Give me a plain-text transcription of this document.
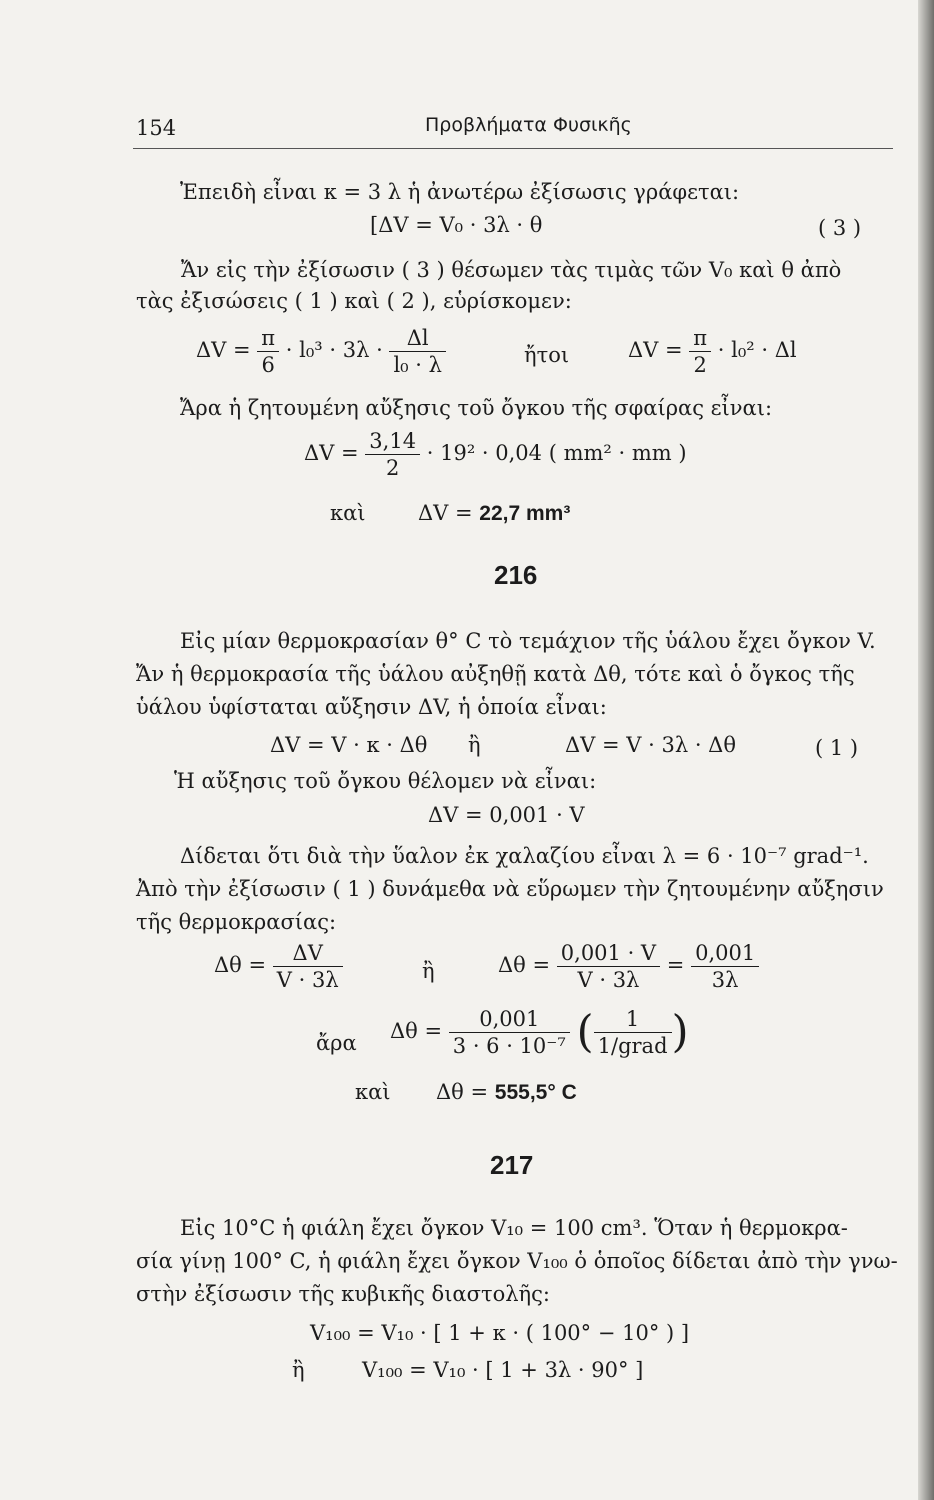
154	Προβλήματα Φυσικῆς
Ἐπειδὴ εἶναι κ = 3 λ ἡ ἀνωτέρω ἐξίσωσις γράφεται:
[ΔV = V₀ · 3λ · θ	( 3 )
Ἄν εἰς τὴν ἐξίσωσιν ( 3 ) θέσωμεν τὰς τιμὰς τῶν V₀ καὶ θ ἀπὸ
τὰς ἐξισώσεις ( 1 ) καὶ ( 2 ), εὑρίσκομεν:
$\Delta V = \frac{\pi}{6} \cdot l_0^3 \cdot 3\lambda \cdot \frac{\Delta l}{\text{l₀ · λ}}$	ἤτοι	$\Delta V = \frac{\pi}{2} \cdot l_0^2 \cdot \Delta l$
Ἄρα ἡ ζητουμένη αὔξησις τοῦ ὄγκου τῆς σφαίρας εἶναι:
$\Delta V = \frac{3,14}{2} \cdot 19^2 \cdot 0,04$ ( mm² · mm )
καὶ ΔV = 22,7 mm³
216
Εἰς μίαν θερμοκρασίαν θ° C τὸ τεμάχιον τῆς ὑάλου ἔχει ὄγκον V.
Ἄν ἡ θερμοκρασία τῆς ὑάλου αὐξηθῇ κατὰ Δθ, τότε καὶ ὁ ὄγκος τῆς
ὑάλου ὑφίσταται αὔξησιν ΔV, ἡ ὁποία εἶναι:
ΔV = V · κ · Δθ ἢ	ΔV = V · 3λ · Δθ	( 1 )
Ἡ αὔξησις τοῦ ὄγκου θέλομεν νὰ εἶναι:
ΔV = 0,001 · V
Δίδεται ὅτι διὰ τὴν ὕαλον ἐκ χαλαζίου εἶναι λ = 6 · 10⁻⁷ grad⁻¹.
Ἀπὸ τὴν ἐξίσωσιν ( 1 ) δυνάμεθα νὰ εὕρωμεν τὴν ζητουμένην αὔξησιν
τῆς θερμοκρασίας:
$\Delta\theta = \frac{\Delta V}{V \cdot 3\lambda}$	ἢ	$\Delta\theta = \frac{0,001 \cdot V}{V \cdot 3\lambda} = \frac{0,001}{3\lambda}$
ἄρα $\Delta\theta = \frac{0,001}{\text{3 · 6 · 10⁻⁷}}$ ( $\frac{1}{\text{1/grad}}$ )
καὶ Δθ = 555,5° C
217
Εἰς 10°C ἡ φιάλη ἔχει ὄγκον V₁₀ = 100 cm³. Ὅταν ἡ θερμοκρα-
σία γίνῃ 100° C, ἡ φιάλη ἔχει ὄγκον V₁₀₀ ὁ ὁποῖος δίδεται ἀπὸ τὴν γνω-
στὴν ἐξίσωσιν τῆς κυβικῆς διαστολῆς:
V₁₀₀ = V₁₀ · [ 1 + κ · ( 100° − 10° ) ]
ἢ	V₁₀₀ = V₁₀ · [ 1 + 3λ · 90° ]
